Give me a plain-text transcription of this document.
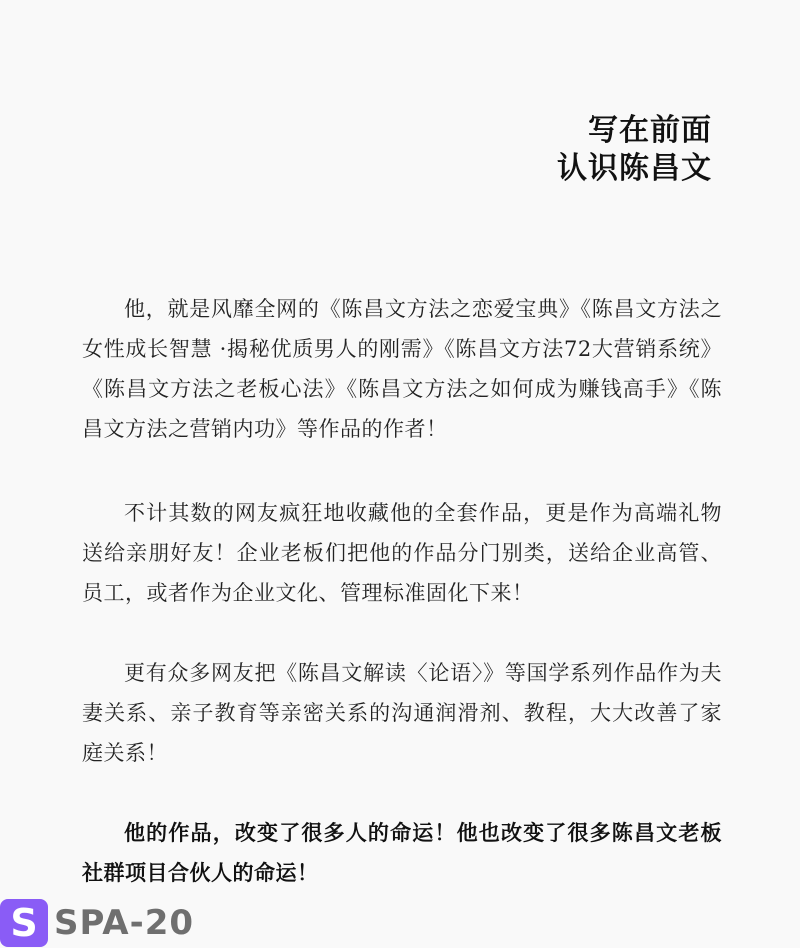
写在前面
认识陈昌文

他，就是风靡全网的《陈昌文方法之恋爱宝典》《陈昌文方法之女性成长智慧 ·揭秘优质男人的刚需》《陈昌文方法72大营销系统》《陈昌文方法之老板心法》《陈昌文方法之如何成为赚钱高手》《陈昌文方法之营销内功》等作品的作者！

不计其数的网友疯狂地收藏他的全套作品，更是作为高端礼物送给亲朋好友！企业老板们把他的作品分门别类，送给企业高管、员工，或者作为企业文化、管理标准固化下来！

更有众多网友把《陈昌文解读〈论语〉》等国学系列作品作为夫妻关系、亲子教育等亲密关系的沟通润滑剂、教程，大大改善了家庭关系！

他的作品，改变了很多人的命运！他也改变了很多陈昌文老板社群项目合伙人的命运！

S SPA-20
